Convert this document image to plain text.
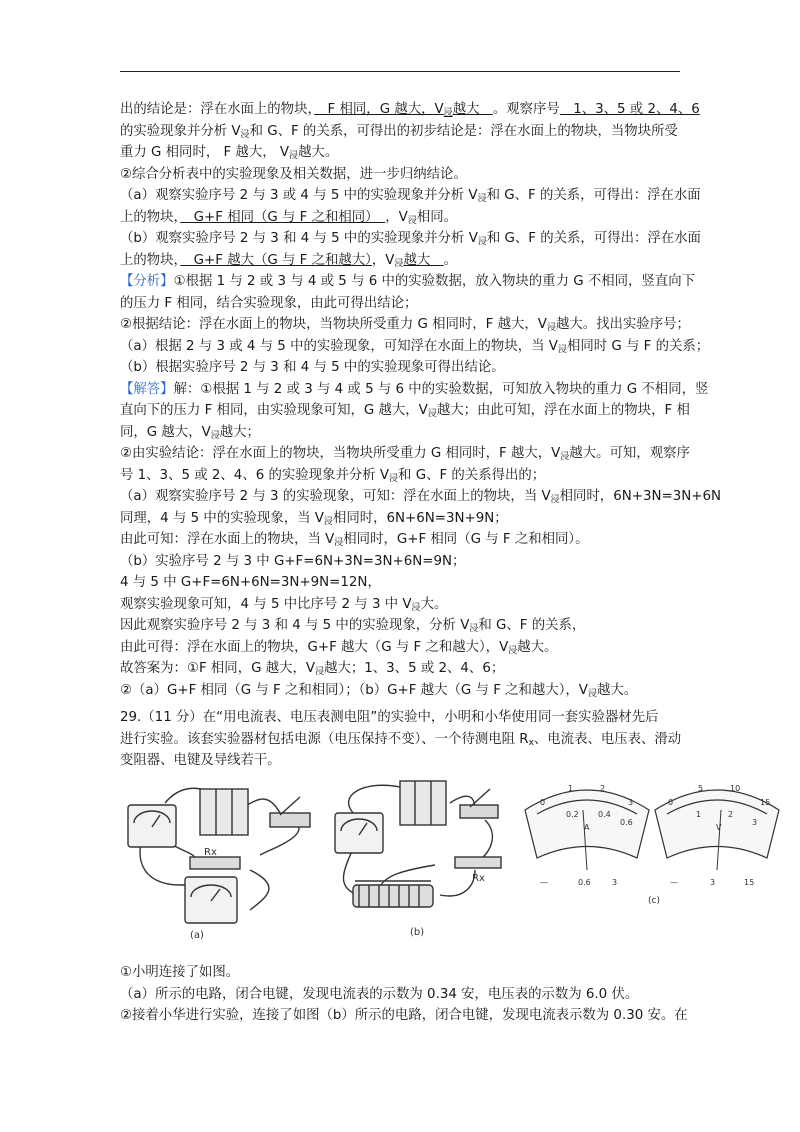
出的结论是：浮在水面上的物块，　F 相同，G 越大，$V_浸$越大　。观察序号　1、3、5 或 2、4、6
的实验现象并分析 $V_浸$和 G、F 的关系，可得出的初步结论是：浮在水面上的物块，当物块所受
重力 G 相同时， F 越大， $V_浸$越大。
②综合分析表中的实验现象及相关数据，进一步归纳结论。
（a）观察实验序号 2 与 3 或 4 与 5 中的实验现象并分析 $V_浸$和 G、F 的关系，可得出：浮在水面
上的物块，　G+F 相同（G 与 F 之和相同）　，$V_浸$相同。
（b）观察实验序号 2 与 3 和 4 与 5 中的实验现象并分析 $V_浸$和 G、F 的关系，可得出：浮在水面
上的物块，　G+F 越大（G 与 F 之和越大），$V_浸$越大　。
【分析】①根据 1 与 2 或 3 与 4 或 5 与 6 中的实验数据，放入物块的重力 G 不相同，竖直向下
的压力 F 相同，结合实验现象，由此可得出结论；
②根据结论：浮在水面上的物块，当物块所受重力 G 相同时，F 越大，$V_浸$越大。找出实验序号；
（a）根据 2 与 3 或 4 与 5 中的实验现象，可知浮在水面上的物块，当 $V_浸$相同时 G 与 F 的关系；
（b）根据实验序号 2 与 3 和 4 与 5 中的实验现象可得出结论。
【解答】解：①根据 1 与 2 或 3 与 4 或 5 与 6 中的实验数据，可知放入物块的重力 G 不相同，竖
直向下的压力 F 相同，由实验现象可知，G 越大，$V_浸$越大；由此可知，浮在水面上的物块，F 相
同，G 越大，$V_浸$越大；
②由实验结论：浮在水面上的物块，当物块所受重力 G 相同时，F 越大，$V_浸$越大。可知，观察序
号 1、3、5 或 2、4、6 的实验现象并分析 $V_浸$和 G、F 的关系得出的；
（a）观察实验序号 2 与 3 的实验现象，可知：浮在水面上的物块，当 $V_浸$相同时，6N+3N=3N+6N
同理，4 与 5 中的实验现象，当 $V_浸$相同时，6N+6N=3N+9N；
由此可知：浮在水面上的物块，当 $V_浸$相同时，G+F 相同（G 与 F 之和相同）。
（b）实验序号 2 与 3 中 G+F=6N+3N=3N+6N=9N；
4 与 5 中 G+F=6N+6N=3N+9N=12N，
观察实验现象可知，4 与 5 中比序号 2 与 3 中 $V_浸$大。
因此观察实验序号 2 与 3 和 4 与 5 中的实验现象，分析 $V_浸$和 G、F 的关系，
由此可得：浮在水面上的物块，G+F 越大（G 与 F 之和越大），$V_浸$越大。
故答案为：①F 相同，G 越大，$V_浸$越大；1、3、5 或 2、4、6；
②（a）G+F 相同（G 与 F 之和相同）；（b）G+F 越大（G 与 F 之和越大），$V_浸$越大。
29.（11 分）在“用电流表、电压表测电阻”的实验中，小明和小华使用同一套实验器材先后
进行实验。该套实验器材包括电源（电压保持不变）、一个待测电阻 $R_x$、电流表、电压表、滑动
变阻器、电键及导线若干。
Rx
(a)
Rx
(b)
0
1	2
3
0.2 0.4
0.6
A
—	0.6	3
0
5	10
15
1	2
3
V
—	3	15
(c)
①小明连接了如图。
（a）所示的电路，闭合电键，发现电流表的示数为 0.34 安，电压表的示数为 6.0 伏。
②接着小华进行实验，连接了如图（b）所示的电路，闭合电键，发现电流表示数为 0.30 安。在
